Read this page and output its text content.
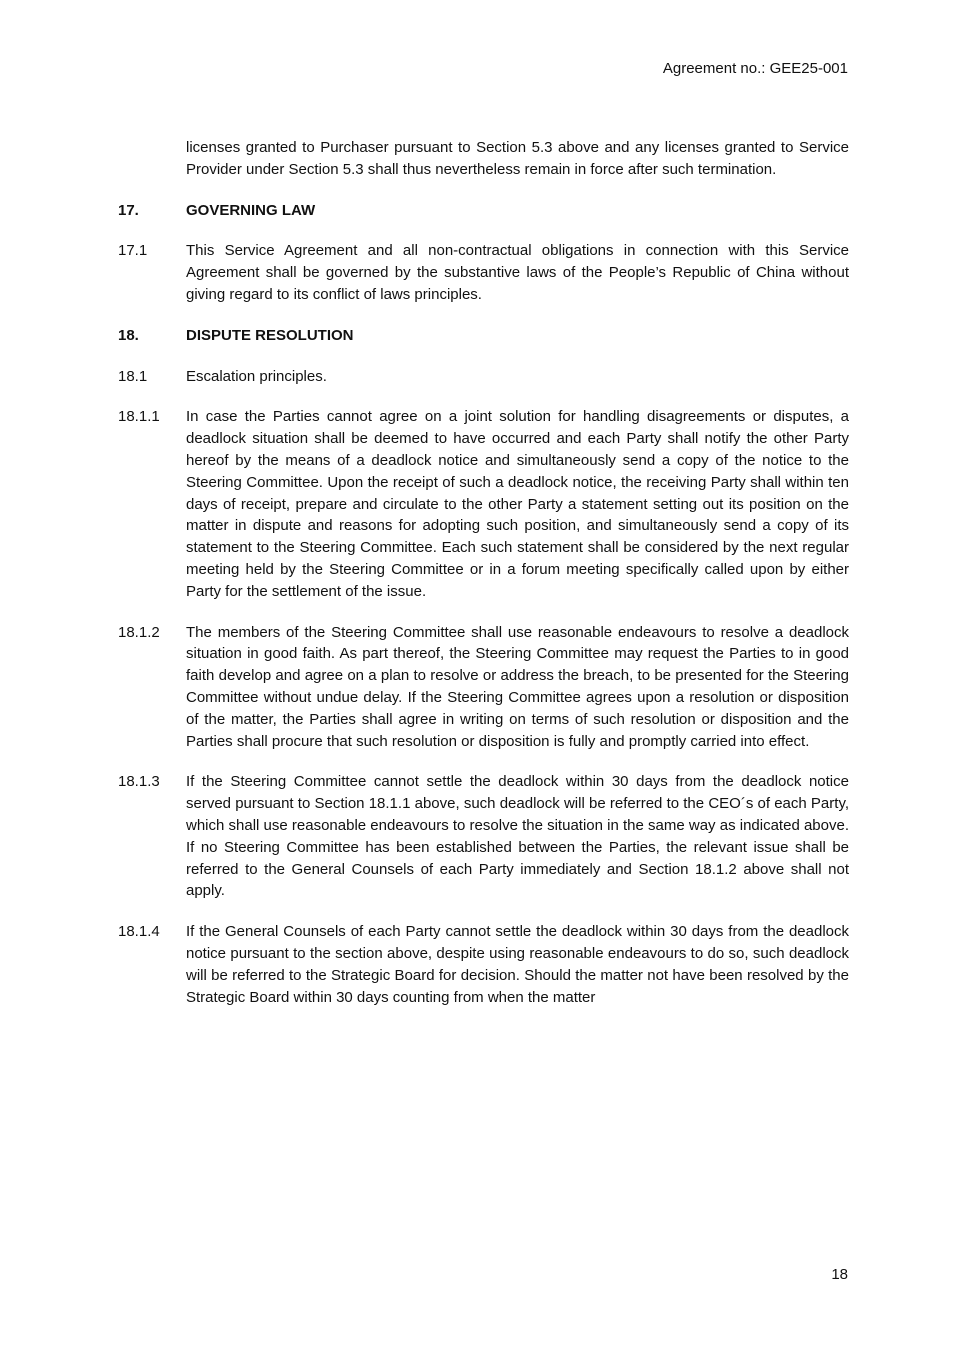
Agreement no.: GEE25-001
licenses granted to Purchaser pursuant to Section 5.3 above and any licenses granted to Service Provider under Section 5.3 shall thus nevertheless remain in force after such termination.
17.	GOVERNING LAW
17.1	This Service Agreement and all non-contractual obligations in connection with this Service Agreement shall be governed by the substantive laws of the People’s Republic of China without giving regard to its conflict of laws principles.
18.	DISPUTE RESOLUTION
18.1	Escalation principles.
18.1.1	In case the Parties cannot agree on a joint solution for handling disagreements or disputes, a deadlock situation shall be deemed to have occurred and each Party shall notify the other Party hereof by the means of a deadlock notice and simultaneously send a copy of the notice to the Steering Committee. Upon the receipt of such a deadlock notice, the receiving Party shall within ten days of receipt, prepare and circulate to the other Party a statement setting out its position on the matter in dispute and reasons for adopting such position, and simultaneously send a copy of its statement to the Steering Committee. Each such statement shall be considered by the next regular meeting held by the Steering Committee or in a forum meeting specifically called upon by either Party for the settlement of the issue.
18.1.2	The members of the Steering Committee shall use reasonable endeavours to resolve a deadlock situation in good faith. As part thereof, the Steering Committee may request the Parties to in good faith develop and agree on a plan to resolve or address the breach, to be presented for the Steering Committee without undue delay. If the Steering Committee agrees upon a resolution or disposition of the matter, the Parties shall agree in writing on terms of such resolution or disposition and the Parties shall procure that such resolution or disposition is fully and promptly carried into effect.
18.1.3	If the Steering Committee cannot settle the deadlock within 30 days from the deadlock notice served pursuant to Section 18.1.1 above, such deadlock will be referred to the CEO´s of each Party, which shall use reasonable endeavours to resolve the situation in the same way as indicated above. If no Steering Committee has been established between the Parties, the relevant issue shall be referred to the General Counsels of each Party immediately and Section 18.1.2 above shall not apply.
18.1.4	If the General Counsels of each Party cannot settle the deadlock within 30 days from the deadlock notice pursuant to the section above, despite using reasonable endeavours to do so, such deadlock will be referred to the Strategic Board for decision. Should the matter not have been resolved by the Strategic Board within 30 days counting from when the matter
18
